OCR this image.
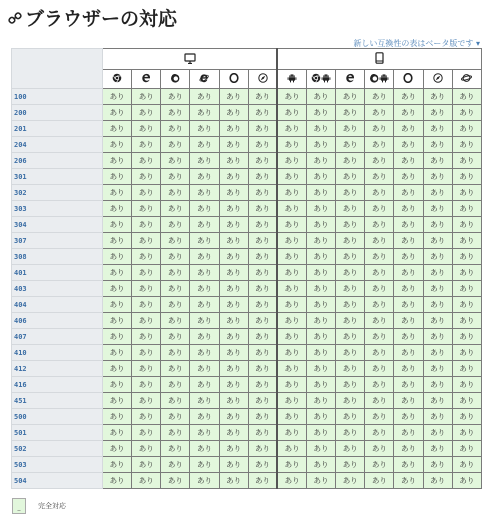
ブラウザーの対応
新しい互換性の表はベータ版です ▾

100	あり	あり	あり	あり	あり	あり	あり	あり	あり	あり	あり	あり	あり
200	あり	あり	あり	あり	あり	あり	あり	あり	あり	あり	あり	あり	あり
201	あり	あり	あり	あり	あり	あり	あり	あり	あり	あり	あり	あり	あり
204	あり	あり	あり	あり	あり	あり	あり	あり	あり	あり	あり	あり	あり
206	あり	あり	あり	あり	あり	あり	あり	あり	あり	あり	あり	あり	あり
301	あり	あり	あり	あり	あり	あり	あり	あり	あり	あり	あり	あり	あり
302	あり	あり	あり	あり	あり	あり	あり	あり	あり	あり	あり	あり	あり
303	あり	あり	あり	あり	あり	あり	あり	あり	あり	あり	あり	あり	あり
304	あり	あり	あり	あり	あり	あり	あり	あり	あり	あり	あり	あり	あり
307	あり	あり	あり	あり	あり	あり	あり	あり	あり	あり	あり	あり	あり
308	あり	あり	あり	あり	あり	あり	あり	あり	あり	あり	あり	あり	あり
401	あり	あり	あり	あり	あり	あり	あり	あり	あり	あり	あり	あり	あり
403	あり	あり	あり	あり	あり	あり	あり	あり	あり	あり	あり	あり	あり
404	あり	あり	あり	あり	あり	あり	あり	あり	あり	あり	あり	あり	あり
406	あり	あり	あり	あり	あり	あり	あり	あり	あり	あり	あり	あり	あり
407	あり	あり	あり	あり	あり	あり	あり	あり	あり	あり	あり	あり	あり
410	あり	あり	あり	あり	あり	あり	あり	あり	あり	あり	あり	あり	あり
412	あり	あり	あり	あり	あり	あり	あり	あり	あり	あり	あり	あり	あり
416	あり	あり	あり	あり	あり	あり	あり	あり	あり	あり	あり	あり	あり
451	あり	あり	あり	あり	あり	あり	あり	あり	あり	あり	あり	あり	あり
500	あり	あり	あり	あり	あり	あり	あり	あり	あり	あり	あり	あり	あり
501	あり	あり	あり	あり	あり	あり	あり	あり	あり	あり	あり	あり	あり
502	あり	あり	あり	あり	あり	あり	あり	あり	あり	あり	あり	あり	あり
503	あり	あり	あり	あり	あり	あり	あり	あり	あり	あり	あり	あり	あり
504	あり	あり	あり	あり	あり	あり	あり	あり	あり	あり	あり	あり	あり
_	完全対応
